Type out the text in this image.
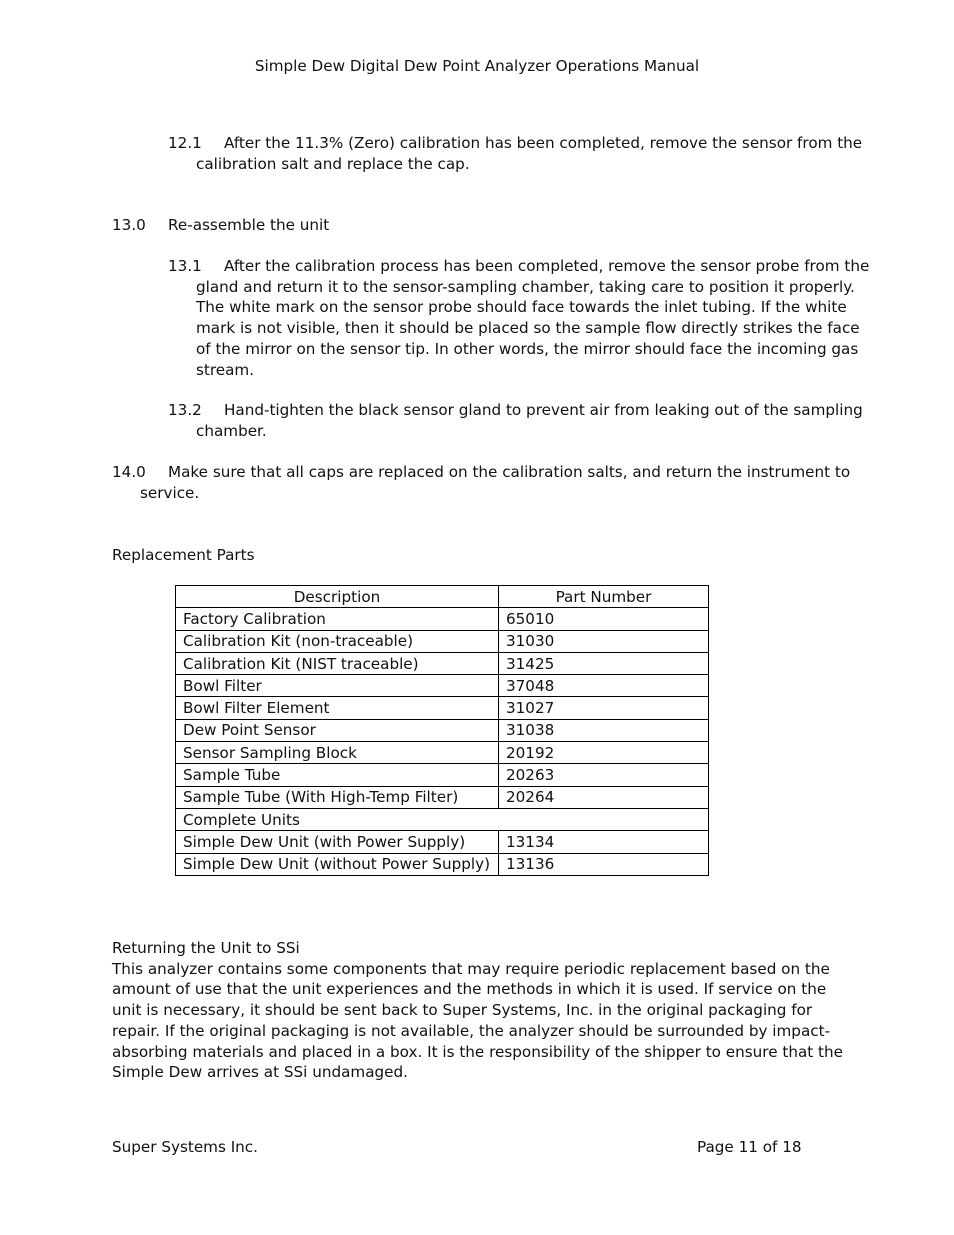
Simple Dew Digital Dew Point Analyzer Operations Manual

12.1 After the 11.3% (Zero) calibration has been completed, remove the sensor from the calibration salt and replace the cap.

13.0 Re-assemble the unit

13.1 After the calibration process has been completed, remove the sensor probe from the gland and return it to the sensor-sampling chamber, taking care to position it properly. The white mark on the sensor probe should face towards the inlet tubing. If the white mark is not visible, then it should be placed so the sample flow directly strikes the face of the mirror on the sensor tip. In other words, the mirror should face the incoming gas stream.

13.2 Hand-tighten the black sensor gland to prevent air from leaking out of the sampling chamber.

14.0 Make sure that all caps are replaced on the calibration salts, and return the instrument to service.

Replacement Parts
Description	Part Number
Factory Calibration	65010
Calibration Kit (non-traceable)	31030
Calibration Kit (NIST traceable)	31425
Bowl Filter	37048
Bowl Filter Element	31027
Dew Point Sensor	31038
Sensor Sampling Block	20192
Sample Tube	20263
Sample Tube (With High-Temp Filter)	20264
Complete Units	
Simple Dew Unit (with Power Supply)	13134
Simple Dew Unit (without Power Supply)	13136
Returning the Unit to SSi
This analyzer contains some components that may require periodic replacement based on the amount of use that the unit experiences and the methods in which it is used. If service on the unit is necessary, it should be sent back to Super Systems, Inc. in the original packaging for repair. If the original packaging is not available, the analyzer should be surrounded by impact-absorbing materials and placed in a box. It is the responsibility of the shipper to ensure that the Simple Dew arrives at SSi undamaged.
Super Systems Inc.	Page 11 of 18
